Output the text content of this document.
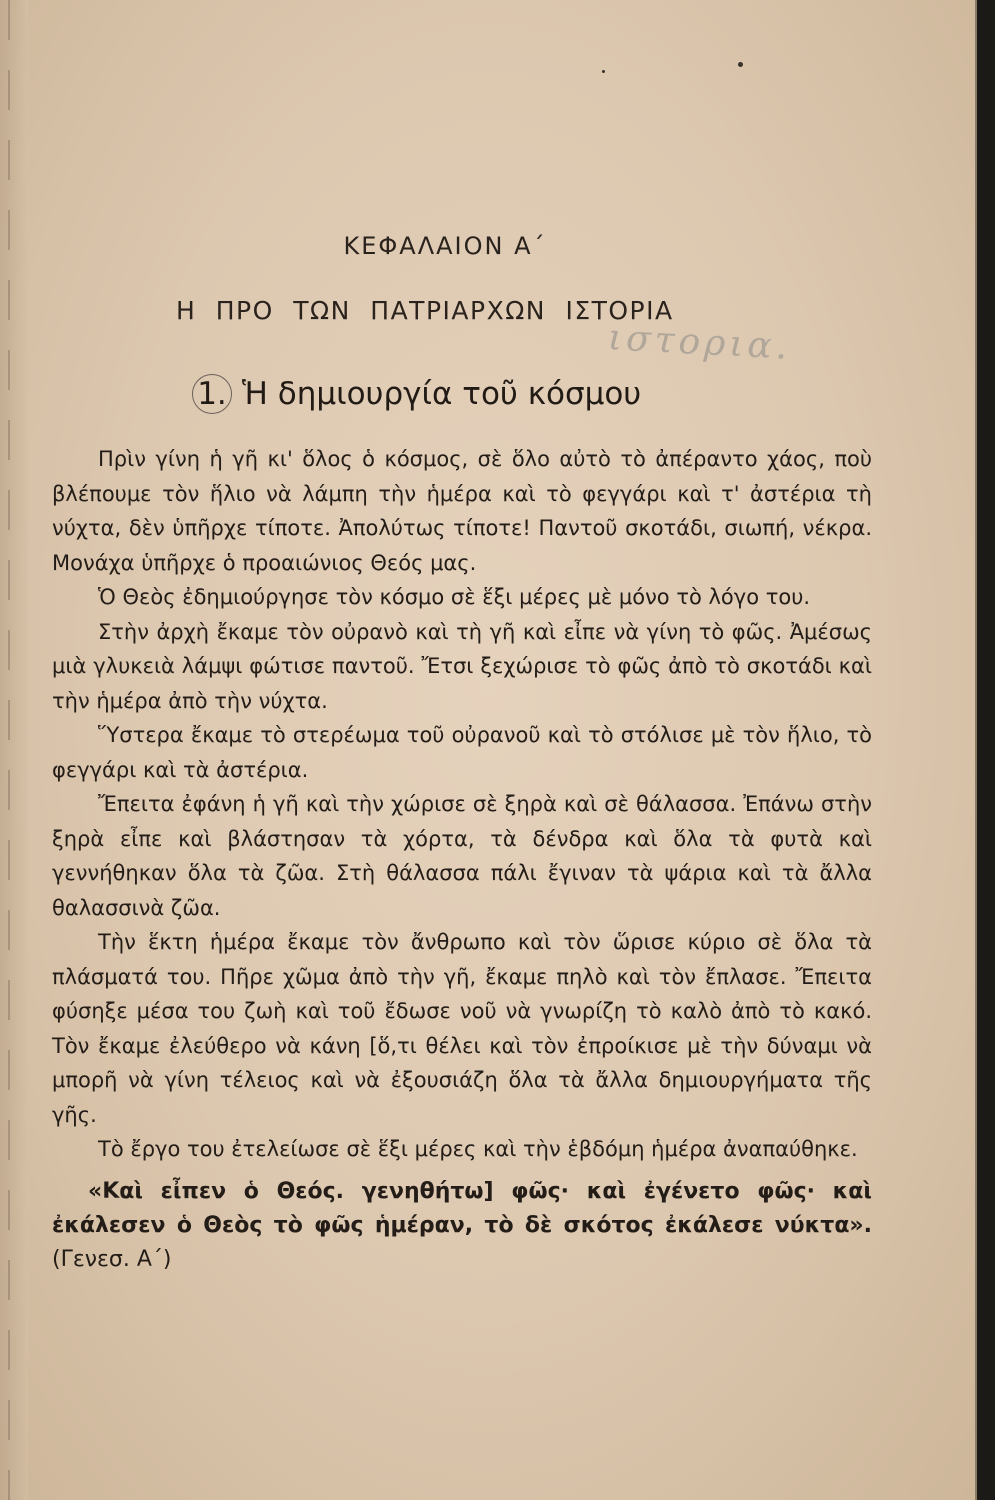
ΚΕΦΑΛΑΙΟΝ Α΄
Η ΠΡΟ ΤΩΝ ΠΑΤΡΙΑΡΧΩΝ ΙΣΤΟΡΙΑ
ιστορια.
1. Ἡ δημιουργία τοῦ κόσμου

Πρὶν γίνη ἡ γῆ κι' ὅλος ὁ κόσμος, σὲ ὅλο αὐτὸ τὸ ἀπέραντο χάος, ποὺ βλέπουμε τὸν ἥλιο νὰ λάμπη τὴν ἡμέρα καὶ τὸ φεγγάρι καὶ τ' ἀστέρια τὴ νύχτα, δὲν ὑπῆρχε τίποτε. Ἀπολύτως τίποτε! Παντοῦ σκοτάδι, σιωπή, νέκρα. Μονάχα ὑπῆρχε ὁ προαιώνιος Θεός μας.

Ὁ Θεὸς ἐδημιούργησε τὸν κόσμο σὲ ἕξι μέρες μὲ μόνο τὸ λόγο του.

Στὴν ἀρχὴ ἔκαμε τὸν οὐρανὸ καὶ τὴ γῆ καὶ εἶπε νὰ γίνη τὸ φῶς. Ἀμέσως μιὰ γλυκειὰ λάμψι φώτισε παντοῦ. Ἔτσι ξεχώρισε τὸ φῶς ἀπὸ τὸ σκοτάδι καὶ τὴν ἡμέρα ἀπὸ τὴν νύχτα.

Ὕστερα ἔκαμε τὸ στερέωμα τοῦ οὐρανοῦ καὶ τὸ στόλισε μὲ τὸν ἥλιο, τὸ φεγγάρι καὶ τὰ ἀστέρια.

Ἔπειτα ἐφάνη ἡ γῆ καὶ τὴν χώρισε σὲ ξηρὰ καὶ σὲ θάλασσα. Ἐπάνω στὴν ξηρὰ εἶπε καὶ βλάστησαν τὰ χόρτα, τὰ δένδρα καὶ ὅλα τὰ φυτὰ καὶ γεννήθηκαν ὅλα τὰ ζῶα. Στὴ θάλασσα πάλι ἔγιναν τὰ ψάρια καὶ τὰ ἄλλα θαλασσινὰ ζῶα.

Τὴν ἕκτη ἡμέρα ἔκαμε τὸν ἄνθρωπο καὶ τὸν ὥρισε κύριο σὲ ὅλα τὰ πλάσματά του. Πῆρε χῶμα ἀπὸ τὴν γῆ, ἔκαμε πηλὸ καὶ τὸν ἔπλασε. Ἔπειτα φύσηξε μέσα του ζωὴ καὶ τοῦ ἔδωσε νοῦ νὰ γνωρίζη τὸ καλὸ ἀπὸ τὸ κακό. Τὸν ἔκαμε ἐλεύθερο νὰ κάνη [ὅ,τι θέλει καὶ τὸν ἐπροίκισε μὲ τὴν δύναμι νὰ μπορῆ νὰ γίνη τέλειος καὶ νὰ ἐξουσιάζη ὅλα τὰ ἄλλα δημιουργήματα τῆς γῆς.

Τὸ ἔργο του ἐτελείωσε σὲ ἕξι μέρες καὶ τὴν ἑβδόμη ἡμέρα ἀναπαύθηκε.

«Καὶ εἶπεν ὁ Θεός. γενηθήτω] φῶς· καὶ ἐγένετο φῶς· καὶ ἐκάλεσεν ὁ Θεὸς τὸ φῶς ἡμέραν, τὸ δὲ σκότος ἐκάλεσε νύκτα». (Γενεσ. Α΄)
